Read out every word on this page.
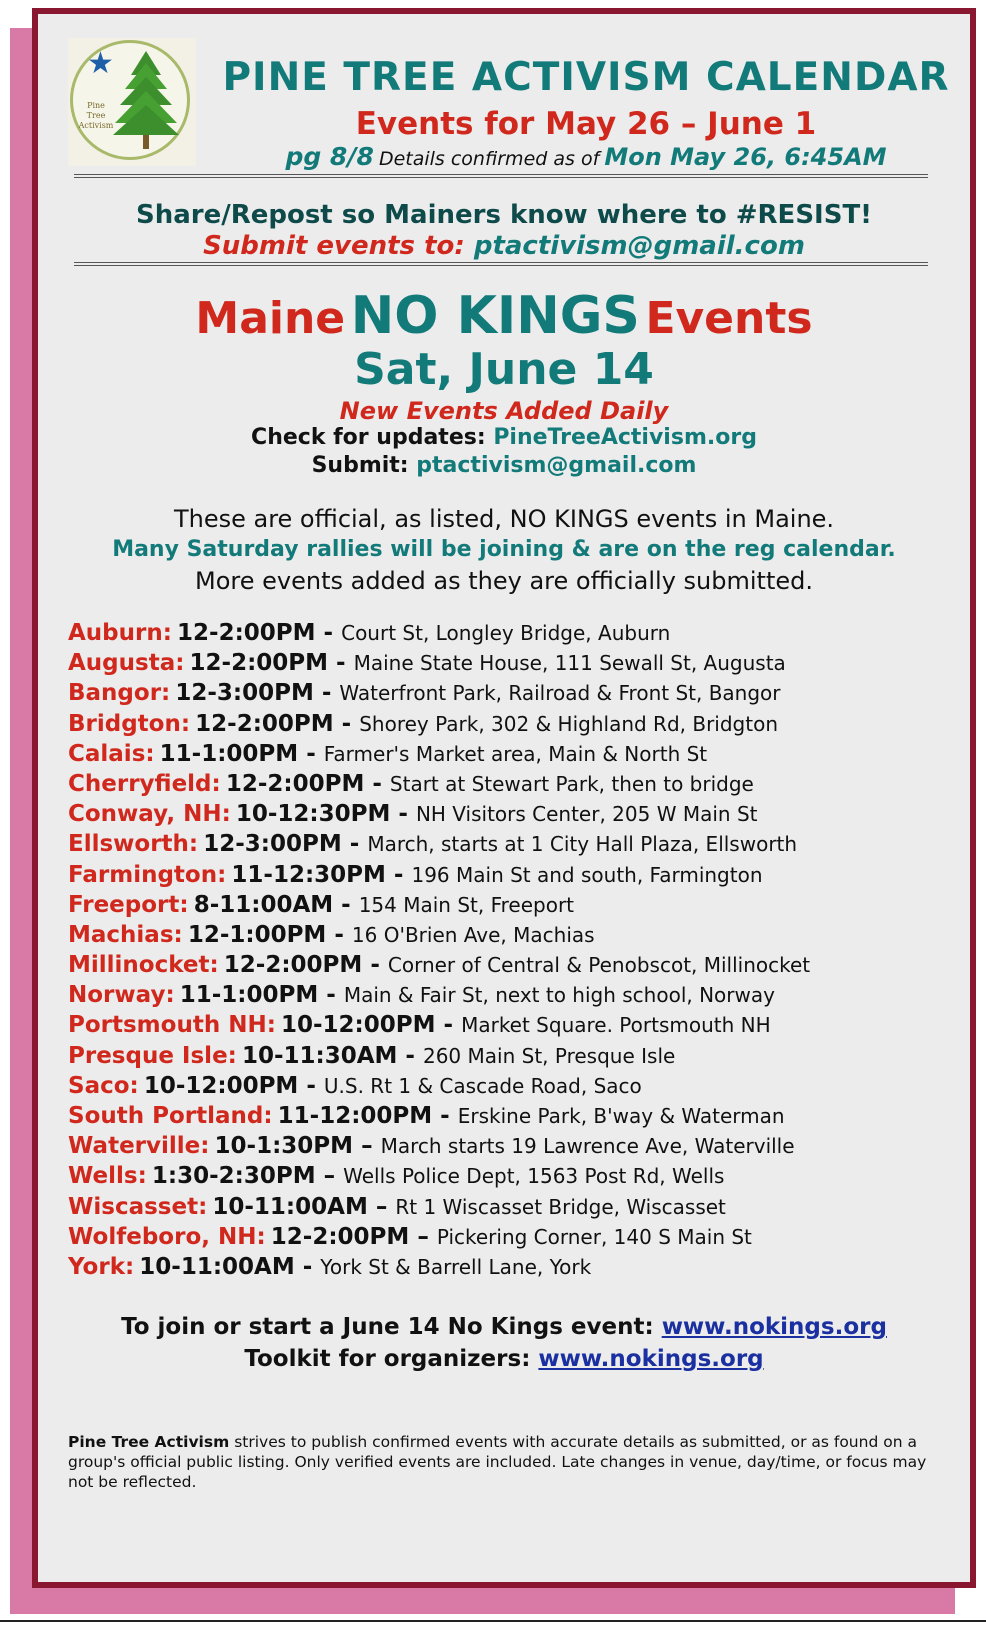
★
Pine Tree Activism
PINE TREE ACTIVISM CALENDAR
Events for May 26 – June 1
pg 8/8 Details confirmed as of Mon May 26, 6:45AM
Share/Repost so Mainers know where to #RESIST!
Submit events to: ptactivism@gmail.com
Maine NO KINGS Events
Sat, June 14
New Events Added Daily
Check for updates: PineTreeActivism.org
Submit: ptactivism@gmail.com
These are official, as listed, NO KINGS events in Maine.
Many Saturday rallies will be joining & are on the reg calendar.
More events added as they are officially submitted.
Auburn: 12-2:00PM - Court St, Longley Bridge, Auburn
Augusta: 12-2:00PM - Maine State House, 111 Sewall St, Augusta
Bangor: 12-3:00PM - Waterfront Park, Railroad & Front St, Bangor
Bridgton: 12-2:00PM - Shorey Park, 302 & Highland Rd, Bridgton
Calais: 11-1:00PM - Farmer's Market area, Main & North St
Cherryfield: 12-2:00PM - Start at Stewart Park, then to bridge
Conway, NH: 10-12:30PM - NH Visitors Center, 205 W Main St
Ellsworth: 12-3:00PM - March, starts at 1 City Hall Plaza, Ellsworth
Farmington: 11-12:30PM - 196 Main St and south, Farmington
Freeport: 8-11:00AM - 154 Main St, Freeport
Machias: 12-1:00PM - 16 O'Brien Ave, Machias
Millinocket: 12-2:00PM - Corner of Central & Penobscot, Millinocket
Norway: 11-1:00PM - Main & Fair St, next to high school, Norway
Portsmouth NH: 10-12:00PM - Market Square. Portsmouth NH
Presque Isle: 10-11:30AM - 260 Main St, Presque Isle
Saco: 10-12:00PM - U.S. Rt 1 & Cascade Road, Saco
South Portland: 11-12:00PM - Erskine Park, B'way & Waterman
Waterville: 10-1:30PM – March starts 19 Lawrence Ave, Waterville
Wells: 1:30-2:30PM – Wells Police Dept, 1563 Post Rd, Wells
Wiscasset: 10-11:00AM – Rt 1 Wiscasset Bridge, Wiscasset
Wolfeboro, NH: 12-2:00PM – Pickering Corner, 140 S Main St
York: 10-11:00AM - York St & Barrell Lane, York
To join or start a June 14 No Kings event: www.nokings.org
Toolkit for organizers: www.nokings.org
Pine Tree Activism strives to publish confirmed events with accurate details as submitted, or as found on a group's official public listing. Only verified events are included. Late changes in venue, day/time, or focus may not be reflected.
